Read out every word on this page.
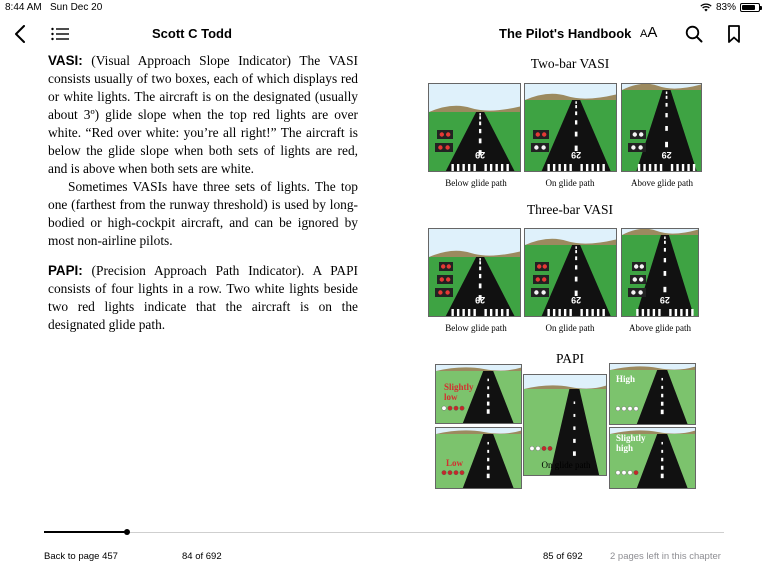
8:44 AM Sun Dec 20	83%
Scott C Todd	The Pilot's Handbook AA

VASI: (Visual Approach Slope Indicator) The VASI consists usually of two boxes, each of which displays red or white lights. The aircraft is on the designated (usually about 3º) glide slope when the top red lights are over white. “Red over white: you’re all right!” The aircraft is below the glide slope when both sets of lights are red, and is above when both sets are white.

Sometimes VASIs have three sets of lights. The top one (farthest from the runway threshold) is used by long-bodied or high-cockpit aircraft, and can be ignored by most non-airline pilots.

PAPI: (Precision Approach Path Indicator). A PAPI consists of four lights in a row. Two white lights beside two red lights indicate that the aircraft is on the designated glide path.

Two-bar VASI
Three-bar VASI
PAPI
29	29	29
Below glide path	On glide path	Above glide path
29	29	29
Below glide path	On glide path	Above glide path
Slightly low
Low
High
Slightly high
On glide path
Back to page 457	84 of 692	85 of 692	2 pages left in this chapter
